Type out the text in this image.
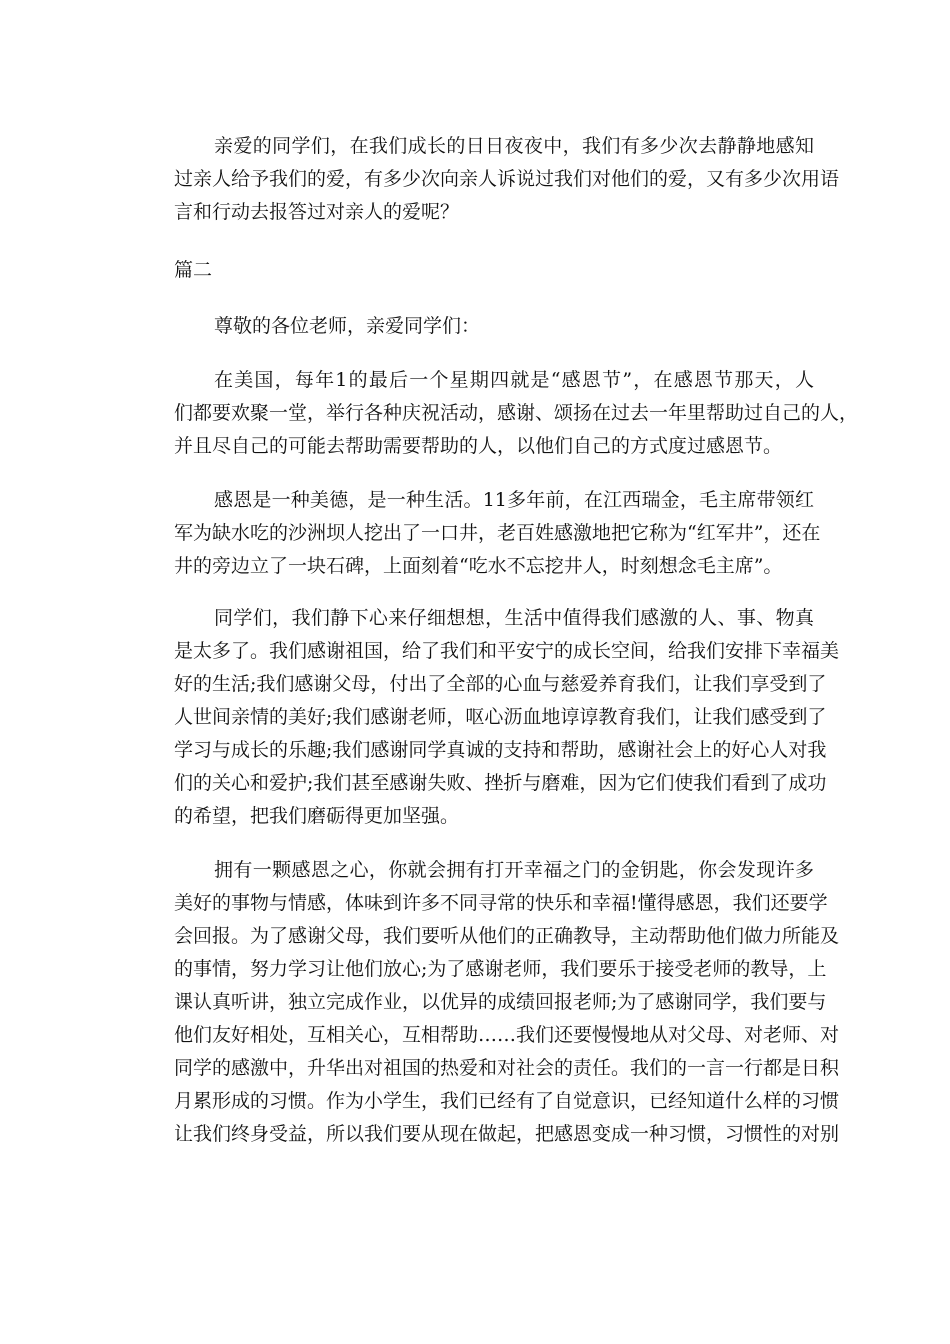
亲爱的同学们，在我们成长的日日夜夜中，我们有多少次去静静地感知
过亲人给予我们的爱，有多少次向亲人诉说过我们对他们的爱，又有多少次用语
言和行动去报答过对亲人的爱呢？
篇二
尊敬的各位老师，亲爱同学们：
在美国，每年1的最后一个星期四就是“感恩节”，在感恩节那天，人
们都要欢聚一堂，举行各种庆祝活动，感谢、颂扬在过去一年里帮助过自己的人，
并且尽自己的可能去帮助需要帮助的人，以他们自己的方式度过感恩节。
感恩是一种美德，是一种生活。11多年前，在江西瑞金，毛主席带领红
军为缺水吃的沙洲坝人挖出了一口井，老百姓感激地把它称为“红军井”，还在
井的旁边立了一块石碑，上面刻着“吃水不忘挖井人，时刻想念毛主席”。
同学们，我们静下心来仔细想想，生活中值得我们感激的人、事、物真
是太多了。我们感谢祖国，给了我们和平安宁的成长空间，给我们安排下幸福美
好的生活;我们感谢父母，付出了全部的心血与慈爱养育我们，让我们享受到了
人世间亲情的美好;我们感谢老师，呕心沥血地谆谆教育我们，让我们感受到了
学习与成长的乐趣;我们感谢同学真诚的支持和帮助，感谢社会上的好心人对我
们的关心和爱护;我们甚至感谢失败、挫折与磨难，因为它们使我们看到了成功
的希望，把我们磨砺得更加坚强。
拥有一颗感恩之心，你就会拥有打开幸福之门的金钥匙，你会发现许多
美好的事物与情感，体味到许多不同寻常的快乐和幸福!懂得感恩，我们还要学
会回报。为了感谢父母，我们要听从他们的正确教导，主动帮助他们做力所能及
的事情，努力学习让他们放心;为了感谢老师，我们要乐于接受老师的教导，上
课认真听讲，独立完成作业，以优异的成绩回报老师;为了感谢同学，我们要与
他们友好相处，互相关心，互相帮助……我们还要慢慢地从对父母、对老师、对
同学的感激中，升华出对祖国的热爱和对社会的责任。我们的一言一行都是日积
月累形成的习惯。作为小学生，我们已经有了自觉意识，已经知道什么样的习惯
让我们终身受益，所以我们要从现在做起，把感恩变成一种习惯，习惯性的对别
